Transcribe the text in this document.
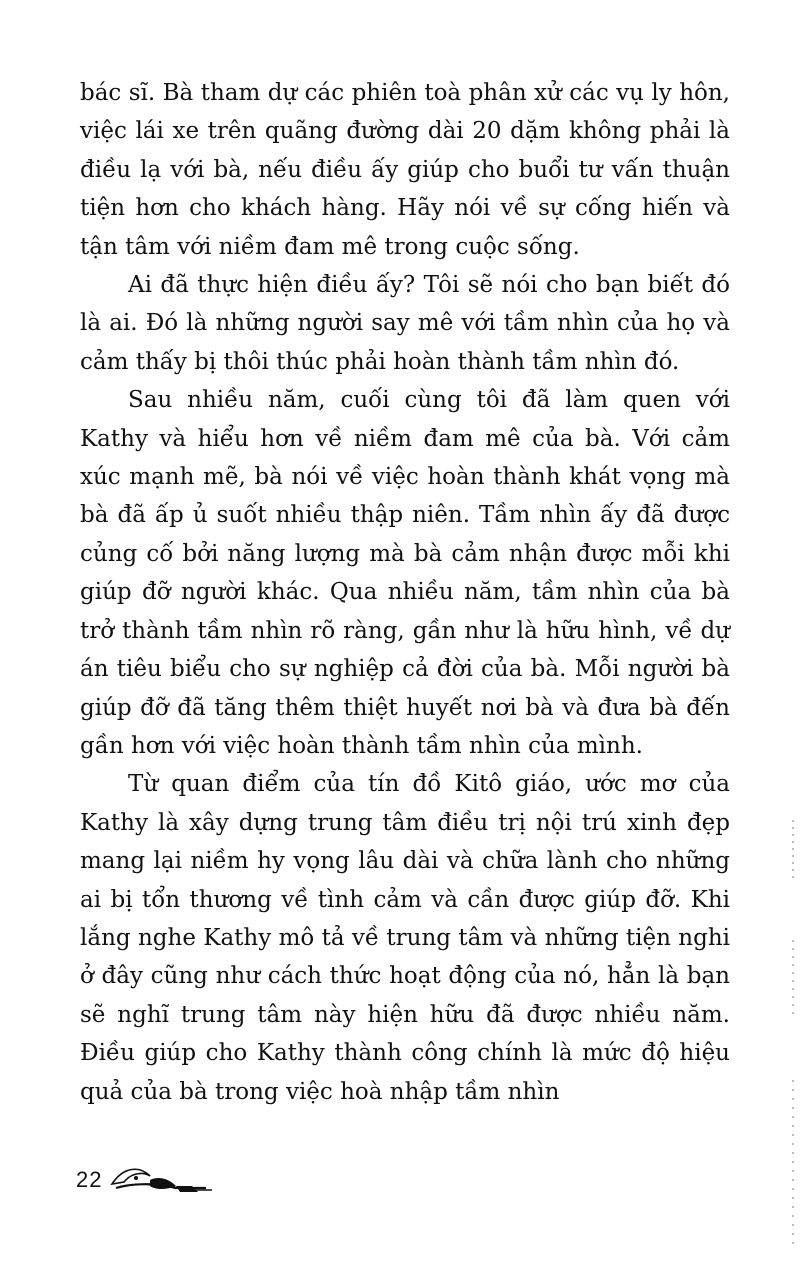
bác sĩ. Bà tham dự các phiên toà phân xử các vụ ly hôn, việc lái xe trên quãng đường dài 20 dặm không phải là điều lạ với bà, nếu điều ấy giúp cho buổi tư vấn thuận tiện hơn cho khách hàng. Hãy nói về sự cống hiến và tận tâm với niềm đam mê trong cuộc sống.

Ai đã thực hiện điều ấy? Tôi sẽ nói cho bạn biết đó là ai. Đó là những người say mê với tầm nhìn của họ và cảm thấy bị thôi thúc phải hoàn thành tầm nhìn đó.

Sau nhiều năm, cuối cùng tôi đã làm quen với Kathy và hiểu hơn về niềm đam mê của bà. Với cảm xúc mạnh mẽ, bà nói về việc hoàn thành khát vọng mà bà đã ấp ủ suốt nhiều thập niên. Tầm nhìn ấy đã được củng cố bởi năng lượng mà bà cảm nhận được mỗi khi giúp đỡ người khác. Qua nhiều năm, tầm nhìn của bà trở thành tầm nhìn rõ ràng, gần như là hữu hình, về dự án tiêu biểu cho sự nghiệp cả đời của bà. Mỗi người bà giúp đỡ đã tăng thêm thiệt huyết nơi bà và đưa bà đến gần hơn với việc hoàn thành tầm nhìn của mình.

Từ quan điểm của tín đồ Kitô giáo, ước mơ của Kathy là xây dựng trung tâm điều trị nội trú xinh đẹp mang lại niềm hy vọng lâu dài và chữa lành cho những ai bị tổn thương về tình cảm và cần được giúp đỡ. Khi lắng nghe Kathy mô tả về trung tâm và những tiện nghi ở đây cũng như cách thức hoạt động của nó, hẳn là bạn sẽ nghĩ trung tâm này hiện hữu đã được nhiều năm. Điều giúp cho Kathy thành công chính là mức độ hiệu quả của bà trong việc hoà nhập tầm nhìn

22
